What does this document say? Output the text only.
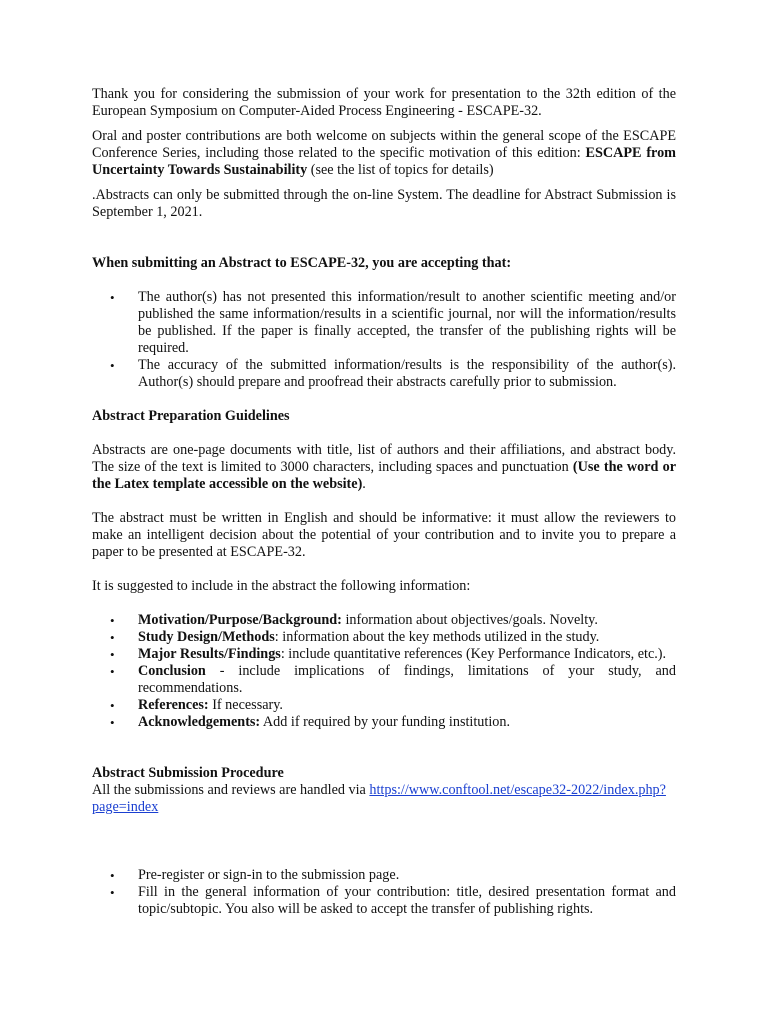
Thank you for considering the submission of your work for presentation to the 32th edition of the European Symposium on Computer-Aided Process Engineering - ESCAPE-32.

Oral and poster contributions are both welcome on subjects within the general scope of the ESCAPE Conference Series, including those related to the specific motivation of this edition: ESCAPE from Uncertainty Towards Sustainability (see the list of topics for details)

.Abstracts can only be submitted through the on-line System. The deadline for Abstract Submission is September 1, 2021.

When submitting an Abstract to ESCAPE-32, you are accepting that:

• The author(s) has not presented this information/result to another scientific meeting and/or published the same information/results in a scientific journal, nor will the information/results be published. If the paper is finally accepted, the transfer of the publishing rights will be required.
• The accuracy of the submitted information/results is the responsibility of the author(s). Author(s) should prepare and proofread their abstracts carefully prior to submission.

Abstract Preparation Guidelines

Abstracts are one-page documents with title, list of authors and their affiliations, and abstract body. The size of the text is limited to 3000 characters, including spaces and punctuation (Use the word or the Latex template accessible on the website).

The abstract must be written in English and should be informative: it must allow the reviewers to make an intelligent decision about the potential of your contribution and to invite you to prepare a paper to be presented at ESCAPE-32.

It is suggested to include in the abstract the following information:

• Motivation/Purpose/Background: information about objectives/goals. Novelty.
• Study Design/Methods: information about the key methods utilized in the study.
• Major Results/Findings: include quantitative references (Key Performance Indicators, etc.).
• Conclusion - include implications of findings, limitations of your study, and recommendations.
• References: If necessary.
• Acknowledgements: Add if required by your funding institution.

Abstract Submission Procedure

All the submissions and reviews are handled via https://www.conftool.net/escape32-2022/index.php?page=index

• Pre-register or sign-in to the submission page.
• Fill in the general information of your contribution: title, desired presentation format and topic/subtopic. You also will be asked to accept the transfer of publishing rights.
